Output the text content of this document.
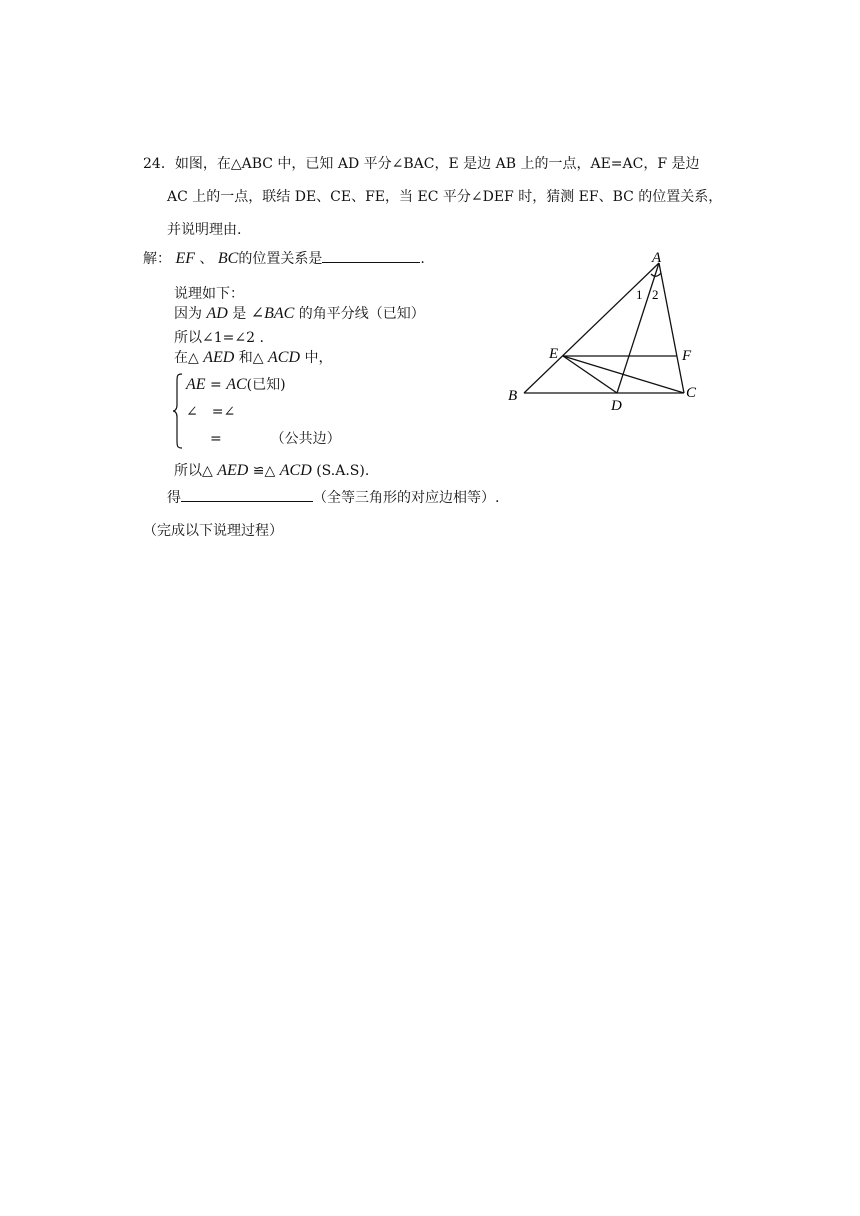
24．如图，在△ABC 中，已知 AD 平分∠BAC，E 是边 AB 上的一点，AE=AC，F 是边
AC 上的一点，联结 DE、CE、FE，当 EC 平分∠DEF 时，猜测 EF、BC 的位置关系，
并说明理由.
解： EF 、 BC的位置关系是	.
说理如下：
因为 AD 是 ∠BAC 的角平分线（已知）
所以∠1=∠2 .
在△ AED 和△ ACD 中，
AE = AC(已知)
∠　=∠
=	（公共边）
所以△ AED ≌△ ACD (S.A.S).
得	（全等三角形的对应边相等）.
（完成以下说理过程）
A
B	C
D
E	F
1 2
